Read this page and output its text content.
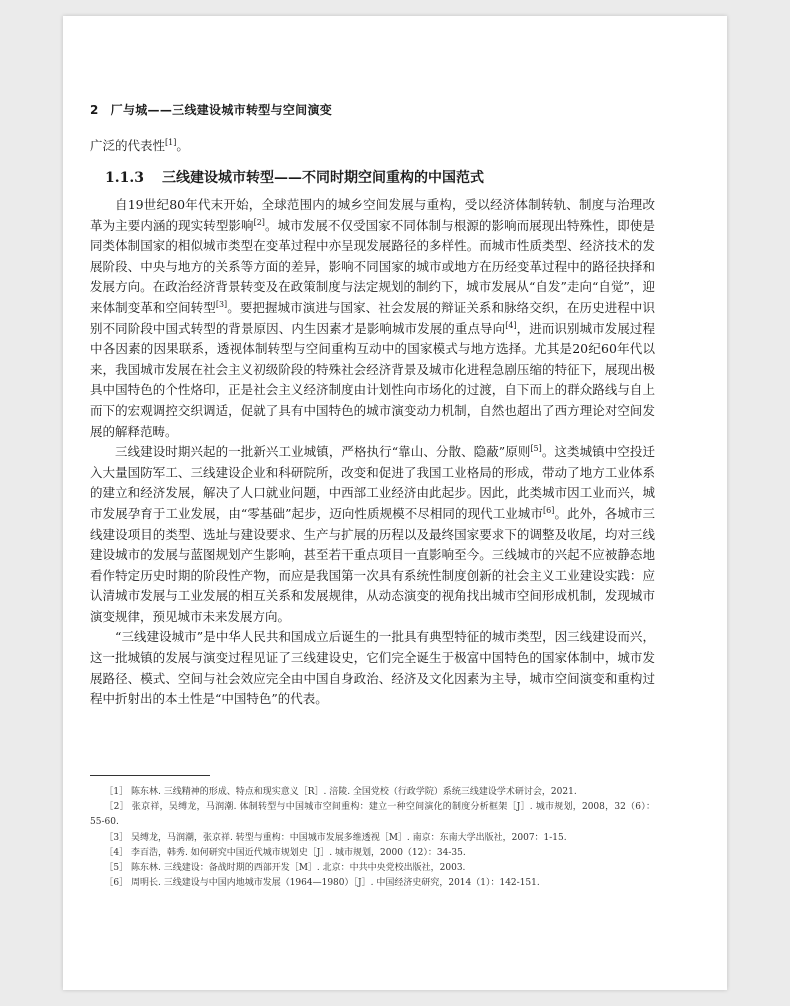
2 厂与城——三线建设城市转型与空间演变
广泛的代表性[1]。
1.1.3 三线建设城市转型——不同时期空间重构的中国范式

自19世纪80年代末开始，全球范围内的城乡空间发展与重构，受以经济体制转轨、制度与治理改革为主要内涵的现实转型影响[2]。城市发展不仅受国家不同体制与根源的影响而展现出特殊性，即使是同类体制国家的相似城市类型在变革过程中亦呈现发展路径的多样性。而城市性质类型、经济技术的发展阶段、中央与地方的关系等方面的差异，影响不同国家的城市或地方在历经变革过程中的路径抉择和发展方向。在政治经济背景转变及在政策制度与法定规划的制约下，城市发展从“自发”走向“自觉”，迎来体制变革和空间转型[3]。要把握城市演进与国家、社会发展的辩证关系和脉络交织，在历史进程中识别不同阶段中国式转型的背景原因、内生因素才是影响城市发展的重点导向[4]，进而识别城市发展过程中各因素的因果联系，透视体制转型与空间重构互动中的国家模式与地方选择。尤其是20纪60年代以来，我国城市发展在社会主义初级阶段的特殊社会经济背景及城市化进程急剧压缩的特征下，展现出极具中国特色的个性烙印，正是社会主义经济制度由计划性向市场化的过渡，自下而上的群众路线与自上而下的宏观调控交织调适，促就了具有中国特色的城市演变动力机制，自然也超出了西方理论对空间发展的解释范畴。

三线建设时期兴起的一批新兴工业城镇，严格执行“靠山、分散、隐蔽”原则[5]。这类城镇中空投迁入大量国防军工、三线建设企业和科研院所，改变和促进了我国工业格局的形成，带动了地方工业体系的建立和经济发展，解决了人口就业问题，中西部工业经济由此起步。因此，此类城市因工业而兴，城市发展孕育于工业发展，由“零基础”起步，迈向性质规模不尽相同的现代工业城市[6]。此外，各城市三线建设项目的类型、选址与建设要求、生产与扩展的历程以及最终国家要求下的调整及收尾，均对三线建设城市的发展与蓝图规划产生影响，甚至若干重点项目一直影响至今。三线城市的兴起不应被静态地看作特定历史时期的阶段性产物，而应是我国第一次具有系统性制度创新的社会主义工业建设实践：应认清城市发展与工业发展的相互关系和发展规律，从动态演变的视角找出城市空间形成机制，发现城市演变规律，预见城市未来发展方向。

“三线建设城市”是中华人民共和国成立后诞生的一批具有典型特征的城市类型，因三线建设而兴，这一批城镇的发展与演变过程见证了三线建设史，它们完全诞生于极富中国特色的国家体制中，城市发展路径、模式、空间与社会效应完全由中国自身政治、经济及文化因素为主导，城市空间演变和重构过程中折射出的本土性是“中国特色”的代表。

［1］ 陈东林. 三线精神的形成、特点和现实意义［R］. 涪陵. 全国党校（行政学院）系统三线建设学术研讨会，2021.
［2］ 张京祥，吴缚龙，马润潮. 体制转型与中国城市空间重构：建立一种空间演化的制度分析框架［J］. 城市规划，2008，32（6）：55-60.
［3］ 吴缚龙，马润潮，张京祥. 转型与重构：中国城市发展多维透视［M］. 南京：东南大学出版社，2007：1-15.
［4］ 李百浩，韩秀. 如何研究中国近代城市规划史［J］. 城市规划，2000（12）：34-35.
［5］ 陈东林. 三线建设：备战时期的西部开发［M］. 北京：中共中央党校出版社，2003.
［6］ 周明长. 三线建设与中国内地城市发展（1964—1980）［J］. 中国经济史研究，2014（1）：142-151.
